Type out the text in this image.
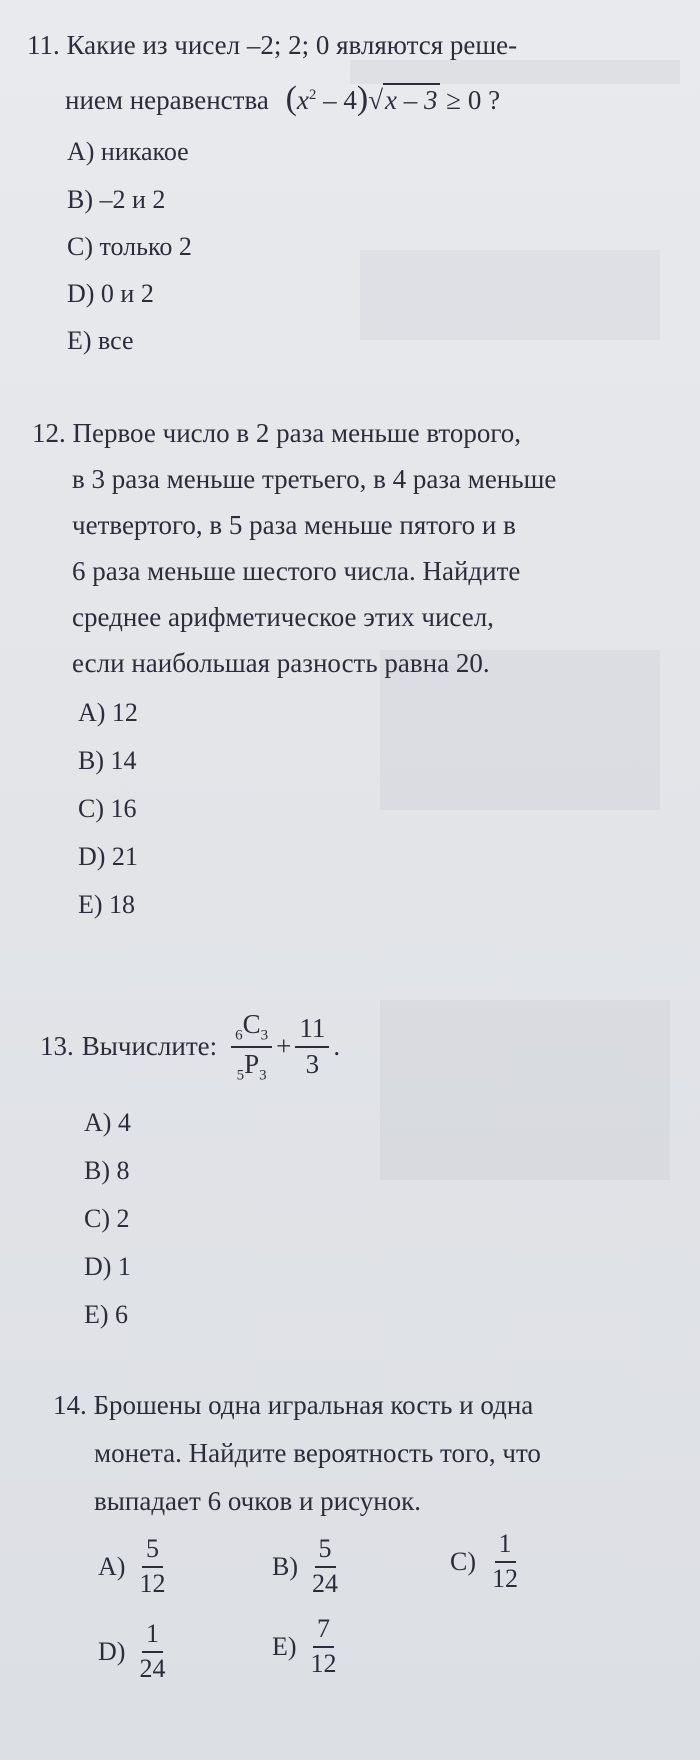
11. Какие из чисел –2; 2; 0 являются реше-
нием неравенства $(x^2 - 4)√x - 3 \ge 0$ ?
A) никакое
B) –2 и 2
C) только 2
D) 0 и 2
E) все
12. Первое число в 2 раза меньше второго,
в 3 раза меньше третьего, в 4 раза меньше
четвертого, в 5 раза меньше пятого и в
6 раза меньше шестого числа. Найдите
среднее арифметическое этих чисел,
если наибольшая разность равна 20.
A) 12
B) 14
C) 16
D) 21
E) 18
13. Вычислите: $\frac{_6C_3}{_5P_3} + \frac{11}{3}$ .
A) 4
B) 8
C) 2
D) 1
E) 6
14. Брошены одна игральная кость и одна
монета. Найдите вероятность того, что
выпадает 6 очков и рисунок.
$A) \frac{5}{12}$	$B) \frac{5}{24}$	$C) \frac{1}{12}$
$D) \frac{1}{24}$	$E) \frac{7}{12}$
